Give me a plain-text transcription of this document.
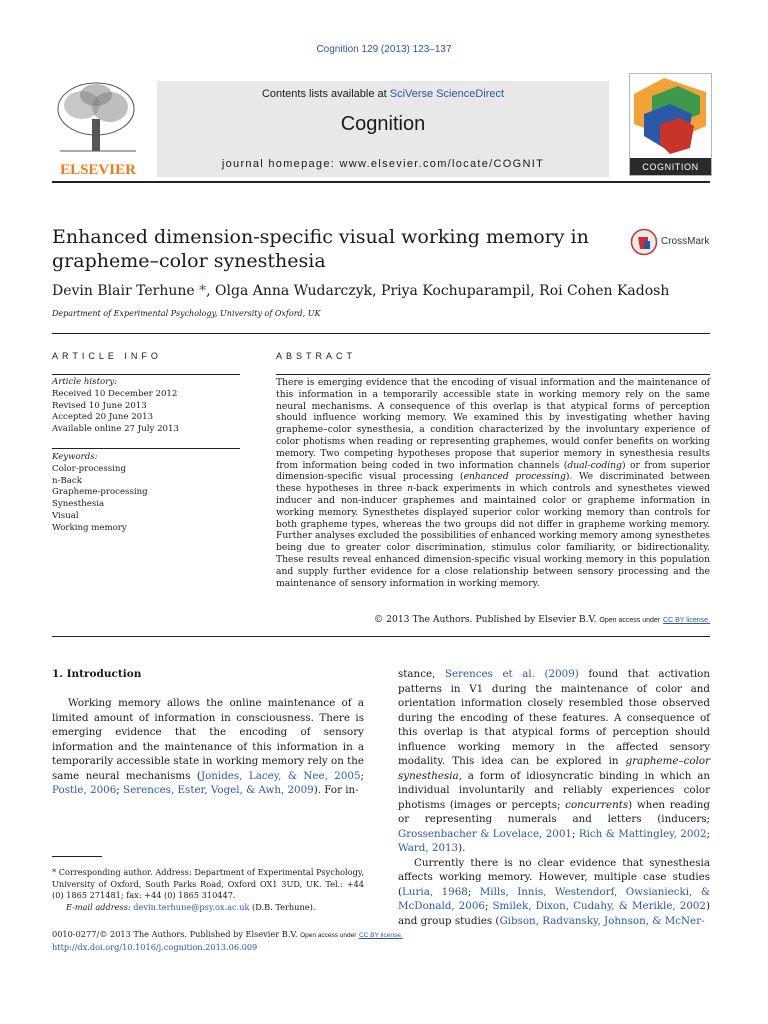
Cognition 129 (2013) 123–137
ELSEVIER
Contents lists available at SciVerse ScienceDirect
Cognition
journal homepage: www.elsevier.com/locate/COGNIT	COGNITION
Enhanced dimension-specific visual working memory in grapheme–color synesthesia
CrossMark
Devin Blair Terhune *, Olga Anna Wudarczyk, Priya Kochuparampil, Roi Cohen Kadosh
Department of Experimental Psychology, University of Oxford, UK
ARTICLE INFO
Article history:
Received 10 December 2012
Revised 10 June 2013
Accepted 20 June 2013
Available online 27 July 2013
Keywords:
Color-processing
n-Back
Grapheme-processing
Synesthesia
Visual
Working memory
ABSTRACT
There is emerging evidence that the encoding of visual information and the maintenance of this information in a temporarily accessible state in working memory rely on the same neural mechanisms. A consequence of this overlap is that atypical forms of perception should influence working memory. We examined this by investigating whether having grapheme–color synesthesia, a condition characterized by the involuntary experience of color photisms when reading or representing graphemes, would confer benefits on working memory. Two competing hypotheses propose that superior memory in synesthesia results from information being coded in two information channels (dual-coding) or from superior dimension-specific visual processing (enhanced processing). We discriminated between these hypotheses in three n-back experiments in which controls and synesthetes viewed inducer and non-inducer graphemes and maintained color or grapheme information in working memory. Synesthetes displayed superior color working memory than controls for both grapheme types, whereas the two groups did not differ in grapheme working memory. Further analyses excluded the possibilities of enhanced working memory among synesthetes being due to greater color discrimination, stimulus color familiarity, or bidirectionality. These results reveal enhanced dimension-specific visual working memory in this population and supply further evidence for a close relationship between sensory processing and the maintenance of sensory information in working memory.
© 2013 The Authors. Published by Elsevier B.V. Open access under CC BY license.
1. Introduction

Working memory allows the online maintenance of a limited amount of information in consciousness. There is emerging evidence that the encoding of sensory information and the maintenance of this information in a temporarily accessible state in working memory rely on the same neural mechanisms (Jonides, Lacey, & Nee, 2005; Postle, 2006; Serences, Ester, Vogel, & Awh, 2009). For in-

stance, Serences et al. (2009) found that activation patterns in V1 during the maintenance of color and orientation information closely resembled those observed during the encoding of these features. A consequence of this overlap is that atypical forms of perception should influence working memory in the affected sensory modality. This idea can be explored in grapheme–color synesthesia, a form of idiosyncratic binding in which an individual involuntarily and reliably experiences color photisms (images or percepts; concurrents) when reading or representing numerals and letters (inducers; Grossenbacher & Lovelace, 2001; Rich & Mattingley, 2002; Ward, 2013).

Currently there is no clear evidence that synesthesia affects working memory. However, multiple case studies (Luria, 1968; Mills, Innis, Westendorf, Owsianiecki, & McDonald, 2006; Smilek, Dixon, Cudahy, & Merikle, 2002) and group studies (Gibson, Radvansky, Johnson, & McNer-

* Corresponding author. Address: Department of Experimental Psychology, University of Oxford, South Parks Road, Oxford OX1 3UD, UK. Tel.: +44 (0) 1865 271481; fax: +44 (0) 1865 310447.
E-mail address: devin.terhune@psy.ox.ac.uk (D.B. Terhune).
0010-0277/© 2013 The Authors. Published by Elsevier B.V. Open access under CC BY license.
http://dx.doi.org/10.1016/j.cognition.2013.06.009
